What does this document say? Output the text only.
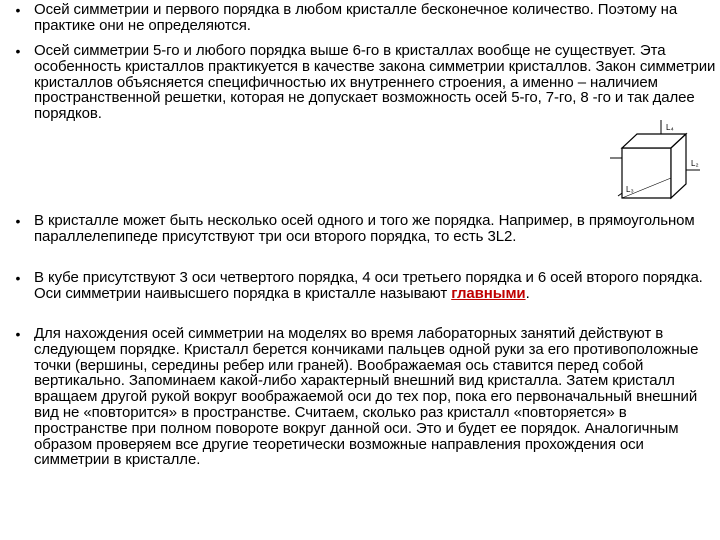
• Осей симметрии и первого порядка в любом кристалле бесконечное количество. Поэтому на практике они не определяются.
• Осей симметрии 5-го и любого порядка выше 6-го в кристаллах вообще не существует. Эта особенность кристаллов практикуется в качестве закона симметрии кристаллов. Закон симметрии кристаллов объясняется специфичностью их внутреннего строения, а именно – наличием пространственной решетки, которая не допускает возможность осей 5-го, 7-го, 8 -го и так далее порядков.
• В кристалле может быть несколько осей одного и того же порядка. Например, в прямоугольном параллелепипеде присутствуют три оси второго порядка, то есть 3L2.
• В кубе присутствуют 3 оси четвертого порядка, 4 оси третьего порядка и 6 осей второго порядка. Оси симметрии наивысшего порядка в кристалле называют главными.
• Для нахождения осей симметрии на моделях во время лабораторных занятий действуют в следующем порядке. Кристалл берется кончиками пальцев одной руки за его противоположные точки (вершины, середины ребер или граней). Воображаемая ось ставится перед собой вертикально. Запоминаем какой-либо характерный внешний вид кристалла. Затем кристалл вращаем другой рукой вокруг воображаемой оси до тех пор, пока его первоначальный внешний вид не «повторится» в пространстве. Считаем, сколько раз кристалл «повторяется» в пространстве при полном повороте вокруг данной оси. Это и будет ее порядок. Аналогичным образом проверяем все другие теоретически возможные направления прохождения оси симметрии в кристалле.
L₄
L₂
L₃
